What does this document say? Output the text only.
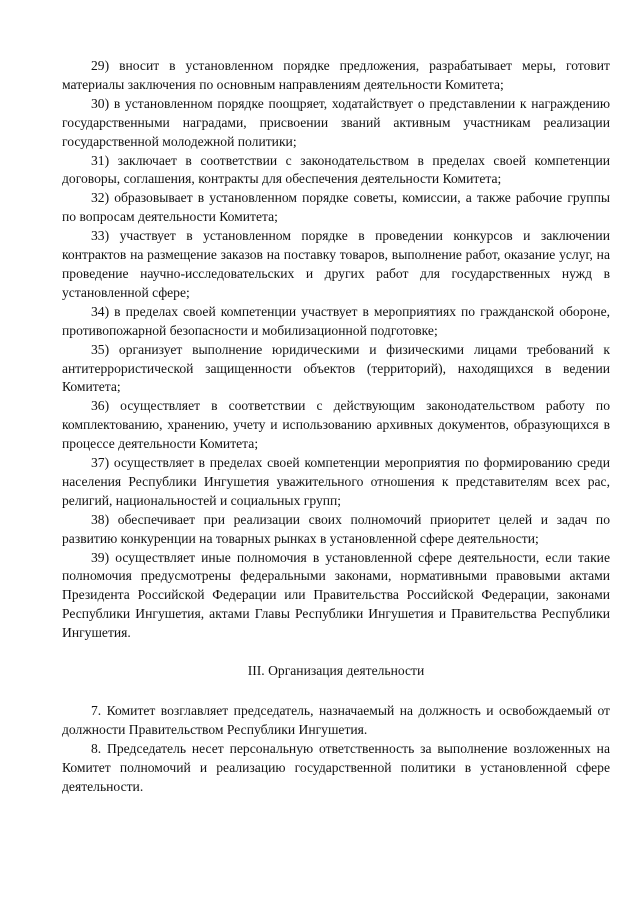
29) вносит в установленном порядке предложения, разрабатывает меры, готовит материалы заключения по основным направлениям деятельности Комитета;

30) в установленном порядке поощряет, ходатайствует о представлении к награждению государственными наградами, присвоении званий активным участникам реализации государственной молодежной политики;

31) заключает в соответствии с законодательством в пределах своей компетенции договоры, соглашения, контракты для обеспечения деятельности Комитета;

32) образовывает в установленном порядке советы, комиссии, а также рабочие группы по вопросам деятельности Комитета;

33) участвует в установленном порядке в проведении конкурсов и заключении контрактов на размещение заказов на поставку товаров, выполнение работ, оказание услуг, на проведение научно-исследовательских и других работ для государственных нужд в установленной сфере;

34) в пределах своей компетенции участвует в мероприятиях по гражданской обороне, противопожарной безопасности и мобилизационной подготовке;

35) организует выполнение юридическими и физическими лицами требований к антитеррористической защищенности объектов (территорий), находящихся в ведении Комитета;

36) осуществляет в соответствии с действующим законодательством работу по комплектованию, хранению, учету и использованию архивных документов, образующихся в процессе деятельности Комитета;

37) осуществляет в пределах своей компетенции мероприятия по формированию среди населения Республики Ингушетия уважительного отношения к представителям всех рас, религий, национальностей и социальных групп;

38) обеспечивает при реализации своих полномочий приоритет целей и задач по развитию конкуренции на товарных рынках в установленной сфере деятельности;

39) осуществляет иные полномочия в установленной сфере деятельности, если такие полномочия предусмотрены федеральными законами, нормативными правовыми актами Президента Российской Федерации или Правительства Российской Федерации, законами Республики Ингушетия, актами Главы Республики Ингушетия и Правительства Республики Ингушетия.

III. Организация деятельности

7. Комитет возглавляет председатель, назначаемый на должность и освобождаемый от должности Правительством Республики Ингушетия.

8. Председатель несет персональную ответственность за выполнение возложенных на Комитет полномочий и реализацию государственной политики в установленной сфере деятельности.
